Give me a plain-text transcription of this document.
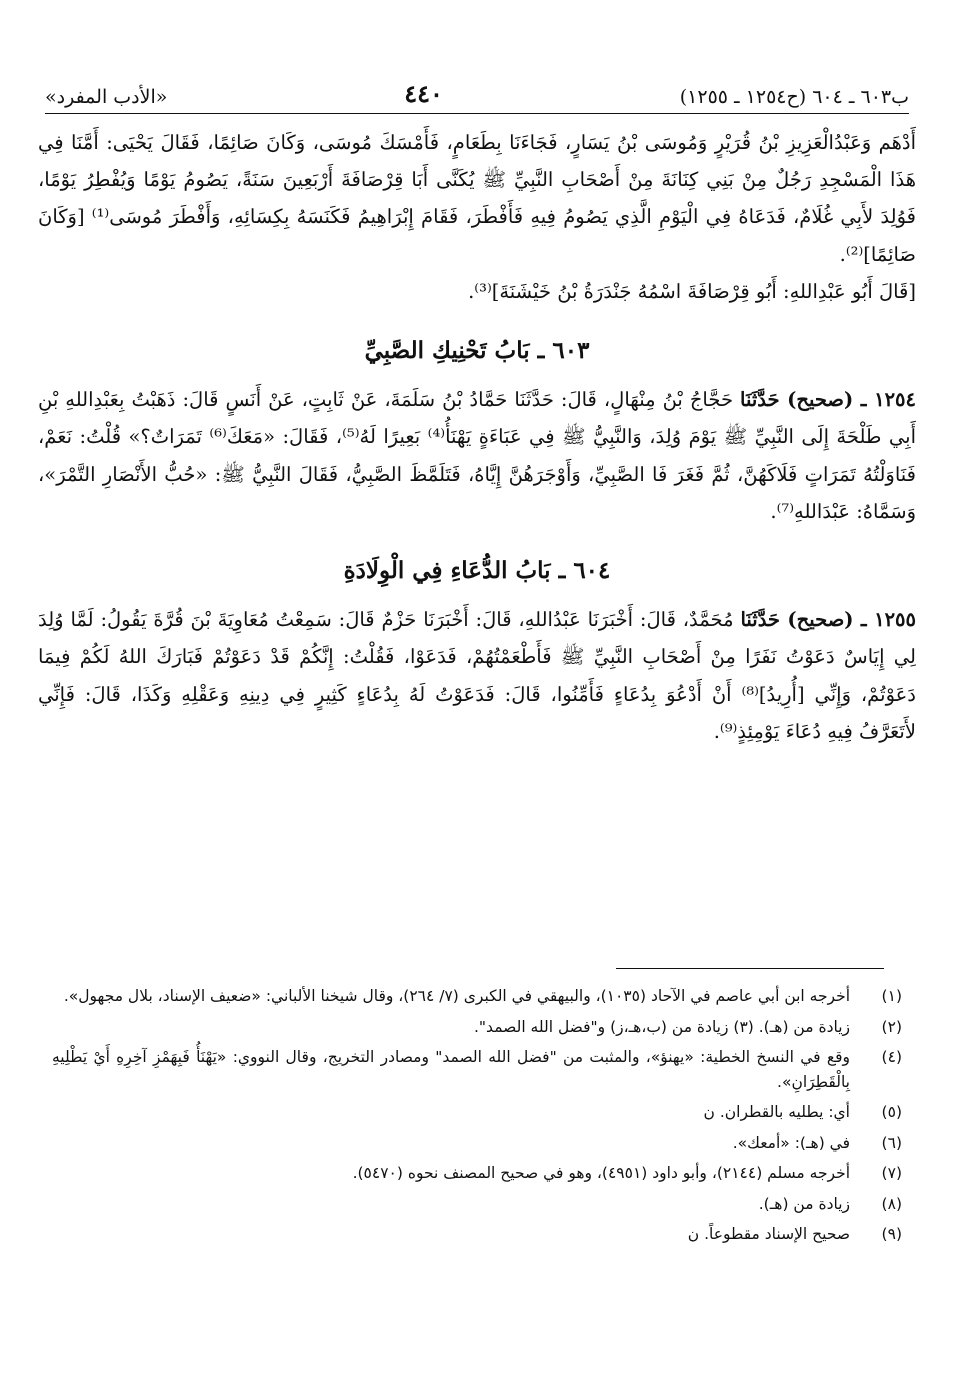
ب٦٠٣ ـ ٦٠٤ (ح١٢٥٤ ـ ١٢٥٥)
٤٤٠
«الأدب المفرد»

أَدْهَم وَعَبْدُالْعَزِيزِ بْنُ قُرَيْرٍ وَمُوسَى بْنُ يَسَارٍ، فَجَاءَنَا بِطَعَامٍ، فَأَمْسَكَ مُوسَى، وَكَانَ صَائِمًا، فَقَالَ يَحْيَى: أَمَّنَا فِي هَذَا الْمَسْجِدِ رَجُلٌ مِنْ بَنِي كِنَانَةَ مِنْ أَصْحَابِ النَّبِيِّ ﷺ يُكَنَّى أَبَا قِرْصَافَةَ أَرْبَعِينَ سَنَةً، يَصُومُ يَوْمًا وَيُفْطِرُ يَوْمًا، فَوُلِدَ لأَبِي غُلَامٌ، فَدَعَاهُ فِي الْيَوْمِ الَّذِي يَصُومُ فِيهِ فَأَفْطَرَ، فَقَامَ إِبْرَاهِيمُ فَكَنَسَهُ بِكِسَائِهِ، وَأَفْطَرَ مُوسَى⁽¹⁾ [وَكَانَ صَائِمًا]⁽²⁾.

[قَالَ أَبُو عَبْدِاللهِ: أَبُو قِرْصَافَةَ اسْمُهُ جَنْدَرَةُ بْنُ خَيْشَنَةَ]⁽³⁾.

٦٠٣ ـ بَابُ تَحْنِيكِ الصَّبِيِّ

١٢٥٤ ـ (صحيح) حَدَّثَنَا حَجَّاجُ بْنُ مِنْهَالٍ، قَالَ: حَدَّثَنَا حَمَّادُ بْنُ سَلَمَةَ، عَنْ ثَابِتٍ، عَنْ أَنَسٍ قَالَ: ذَهَبْتُ بِعَبْدِاللهِ بْنِ أَبِي طَلْحَةَ إِلَى النَّبِيِّ ﷺ يَوْمَ وُلِدَ، وَالنَّبِيُّ ﷺ فِي عَبَاءَةٍ يَهْنَأُ⁽⁴⁾ بَعِيرًا لَهُ⁽⁵⁾، فَقَالَ: «مَعَكَ⁽⁶⁾ تَمَرَاتٌ؟» قُلْتُ: نَعَمْ، فَنَاوَلْتُهُ تَمَرَاتٍ فَلَاكَهُنَّ، ثُمَّ فَغَرَ فَا الصَّبِيِّ، وَأَوْجَرَهُنَّ إِيَّاهُ، فَتَلَمَّظَ الصَّبِيُّ، فَقَالَ النَّبِيُّ ﷺ: «حُبُّ الأَنْصَارِ التَّمْرَ»، وَسَمَّاهُ: عَبْدَاللهِ⁽⁷⁾.

٦٠٤ ـ بَابُ الدُّعَاءِ فِي الْوِلَادَةِ

١٢٥٥ ـ (صحيح) حَدَّثَنَا مُحَمَّدٌ، قَالَ: أَخْبَرَنَا عَبْدُاللهِ، قَالَ: أَخْبَرَنَا حَزْمٌ قَالَ: سَمِعْتُ مُعَاوِيَةَ بْنَ قُرَّةَ يَقُولُ: لَمَّا وُلِدَ لِي إِيَاسٌ دَعَوْتُ نَفَرًا مِنْ أَصْحَابِ النَّبِيِّ ﷺ فَأَطْعَمْتُهُمْ، فَدَعَوْا، فَقُلْتُ: إِنَّكُمْ قَدْ دَعَوْتُمْ فَبَارَكَ اللهُ لَكُمْ فِيمَا دَعَوْتُمْ، وَإِنِّي [أُرِيدُ]⁽⁸⁾ أَنْ أَدْعُوَ بِدُعَاءٍ فَأَمِّنُوا، قَالَ: فَدَعَوْتُ لَهُ بِدُعَاءٍ كَثِيرٍ فِي دِينِهِ وَعَقْلِهِ وَكَذَا، قَالَ: فَإِنِّي لأَتَعَرَّفُ فِيهِ دُعَاءَ يَوْمِئِذٍ⁽⁹⁾.

(١)
أخرجه ابن أبي عاصم في الآحاد (١٠٣٥)، والبيهقي في الكبرى (٧/ ٢٦٤)، وقال شيخنا الألباني: «ضعيف الإسناد، بلال مجهول».
(٢)
زيادة من (هـ). (٣) زيادة من (ب،هـ،ز) و"فضل الله الصمد".
(٤)
وقع في النسخ الخطية: «يهنؤ»، والمثبت من "فضل الله الصمد" ومصادر التخريج، وقال النووي: «يَهْنَأُ فَبِهَمْزِ آخِرِهِ أَيْ يَطْلِيهِ بِالْقَطِرَانِ».
(٥)
أي: يطليه بالقطران. ن
(٦)
في (هـ): «أمعك».
(٧)
أخرجه مسلم (٢١٤٤)، وأبو داود (٤٩٥١)، وهو في صحيح المصنف نحوه (٥٤٧٠).
(٨)
زيادة من (هـ).
(٩)
صحيح الإسناد مقطوعاً. ن
